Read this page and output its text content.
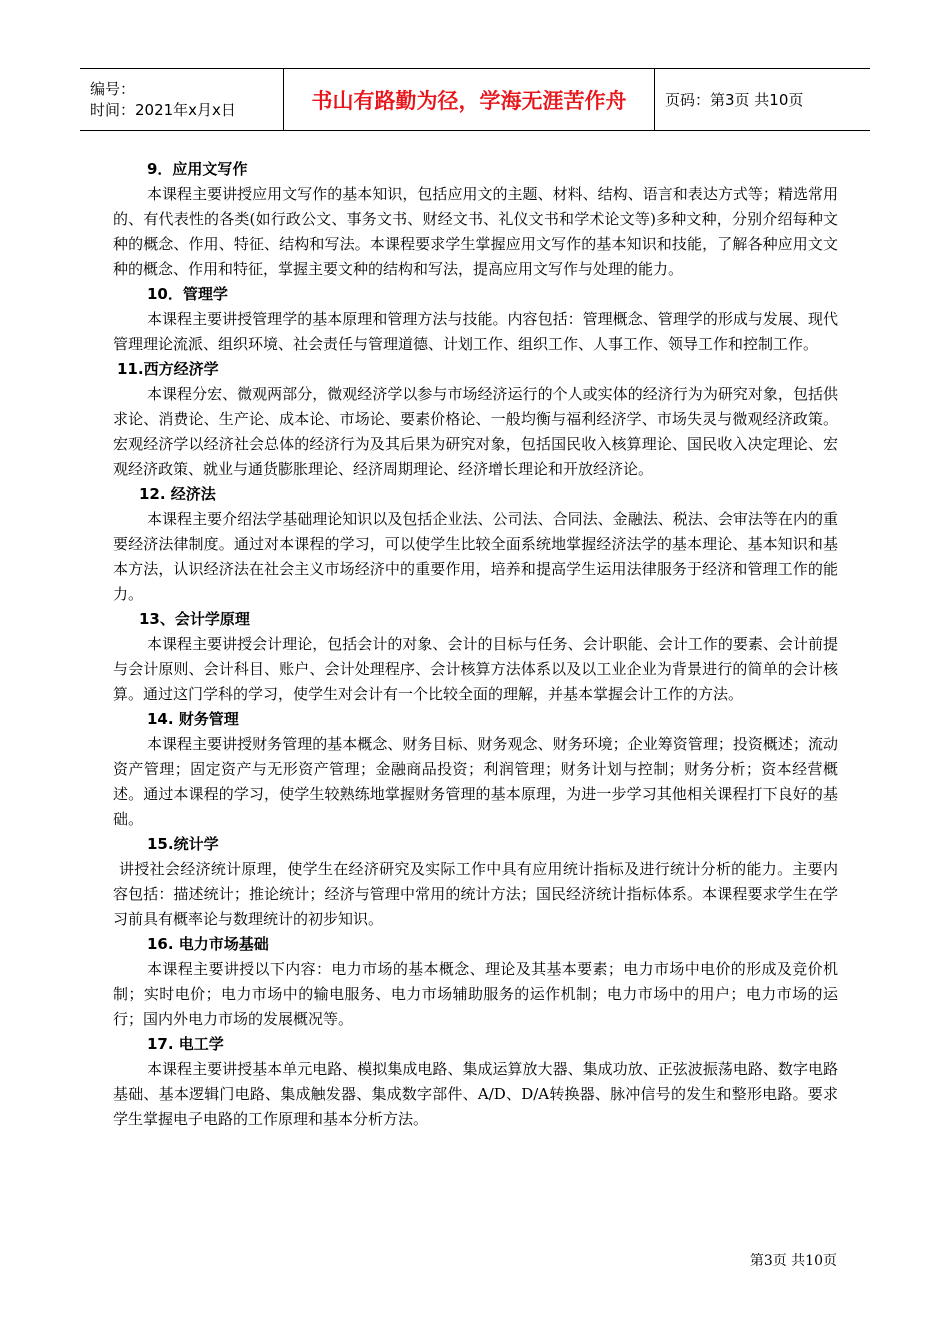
编号：
时间：2021年x月x日	书山有路勤为径，学海无涯苦作舟	页码：第3页 共10页
9．应用文写作

本课程主要讲授应用文写作的基本知识，包括应用文的主题、材料、结构、语言和表达方式等；精选常用的、有代表性的各类(如行政公文、事务文书、财经文书、礼仪文书和学术论文等)多种文种，分别介绍每种文种的概念、作用、特征、结构和写法。本课程要求学生掌握应用文写作的基本知识和技能，了解各种应用文文种的概念、作用和特征，掌握主要文种的结构和写法，提高应用文写作与处理的能力。

10．管理学

本课程主要讲授管理学的基本原理和管理方法与技能。内容包括：管理概念、管理学的形成与发展、现代管理理论流派、组织环境、社会责任与管理道德、计划工作、组织工作、人事工作、领导工作和控制工作。

11.西方经济学

本课程分宏、微观两部分，微观经济学以参与市场经济运行的个人或实体的经济行为为研究对象，包括供求论、消费论、生产论、成本论、市场论、要素价格论、一般均衡与福利经济学、市场失灵与微观经济政策。宏观经济学以经济社会总体的经济行为及其后果为研究对象，包括国民收入核算理论、国民收入决定理论、宏观经济政策、就业与通货膨胀理论、经济周期理论、经济增长理论和开放经济论。

12. 经济法

本课程主要介绍法学基础理论知识以及包括企业法、公司法、合同法、金融法、税法、会审法等在内的重要经济法律制度。通过对本课程的学习，可以使学生比较全面系统地掌握经济法学的基本理论、基本知识和基本方法，认识经济法在社会主义市场经济中的重要作用，培养和提高学生运用法律服务于经济和管理工作的能力。

13、会计学原理

本课程主要讲授会计理论，包括会计的对象、会计的目标与任务、会计职能、会计工作的要素、会计前提与会计原则、会计科目、账户、会计处理程序、会计核算方法体系以及以工业企业为背景进行的简单的会计核算。通过这门学科的学习，使学生对会计有一个比较全面的理解，并基本掌握会计工作的方法。

14. 财务管理

本课程主要讲授财务管理的基本概念、财务目标、财务观念、财务环境；企业筹资管理；投资概述；流动资产管理；固定资产与无形资产管理；金融商品投资；利润管理；财务计划与控制；财务分析；资本经营概述。通过本课程的学习，使学生较熟练地掌握财务管理的基本原理，为进一步学习其他相关课程打下良好的基础。

15.统计学

讲授社会经济统计原理，使学生在经济研究及实际工作中具有应用统计指标及进行统计分析的能力。主要内容包括：描述统计；推论统计；经济与管理中常用的统计方法；国民经济统计指标体系。本课程要求学生在学习前具有概率论与数理统计的初步知识。

16. 电力市场基础

本课程主要讲授以下内容：电力市场的基本概念、理论及其基本要素；电力市场中电价的形成及竞价机制；实时电价；电力市场中的输电服务、电力市场辅助服务的运作机制；电力市场中的用户；电力市场的运行；国内外电力市场的发展概况等。

17. 电工学

本课程主要讲授基本单元电路、模拟集成电路、集成运算放大器、集成功放、正弦波振荡电路、数字电路基础、基本逻辑门电路、集成触发器、集成数字部件、A/D、D/A转换器、脉冲信号的发生和整形电路。要求学生掌握电子电路的工作原理和基本分析方法。

第3页 共10页
